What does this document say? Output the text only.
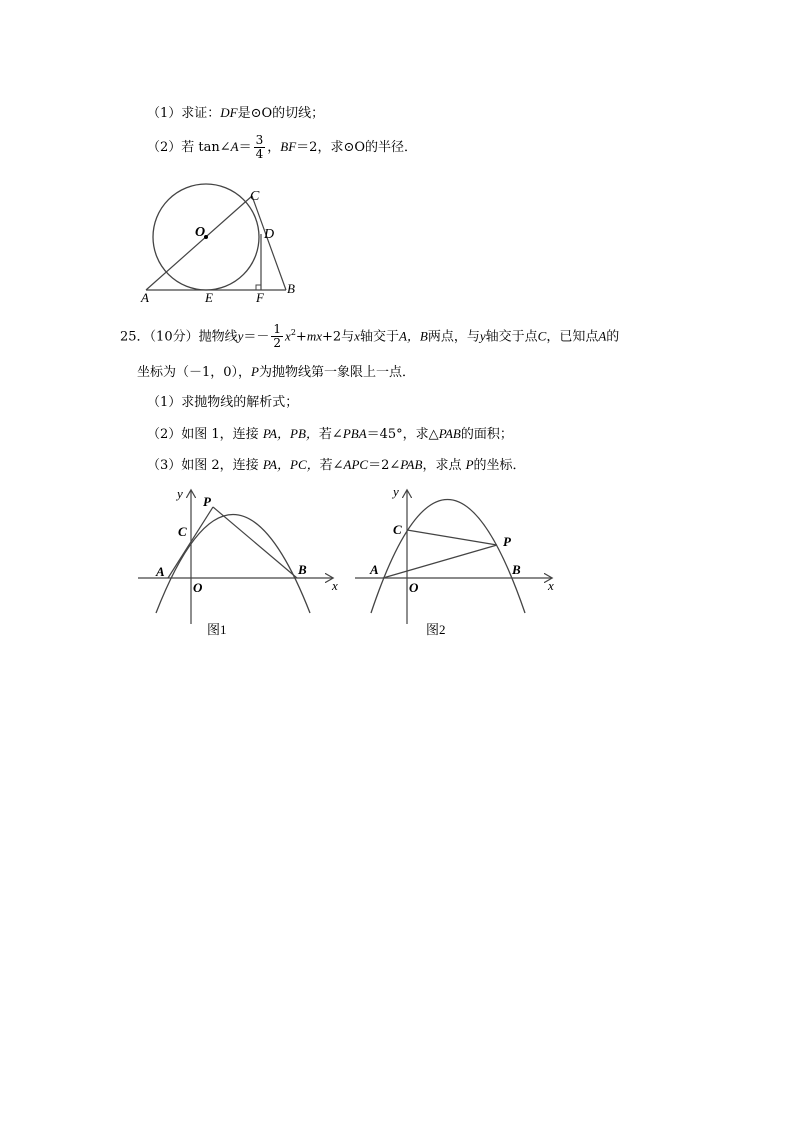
（1）求证：DF是⊙O的切线；
（2）若 tan∠A＝ $\frac{3}{4}$ ，BF＝2，求⊙O的半径．
C
O	D
A	E	F
B
25．（10分）抛物线$y=- \frac{1}{2} x^2+mx+2$与x轴交于A，B两点，与y轴交于点C，已知点A的
坐标为（－1，0），P为抛物线第一象限上一点．
（1）求抛物线的解析式；
（2）如图 1，连接 PA，PB，若∠PBA＝45°，求△PAB的面积；
（3）如图 2，连接 PA，PC，若∠APC＝2∠PAB，求点 P的坐标．
y
P
C
A
O
B
x
图1
y
C
P
A
O
B
x
图2
